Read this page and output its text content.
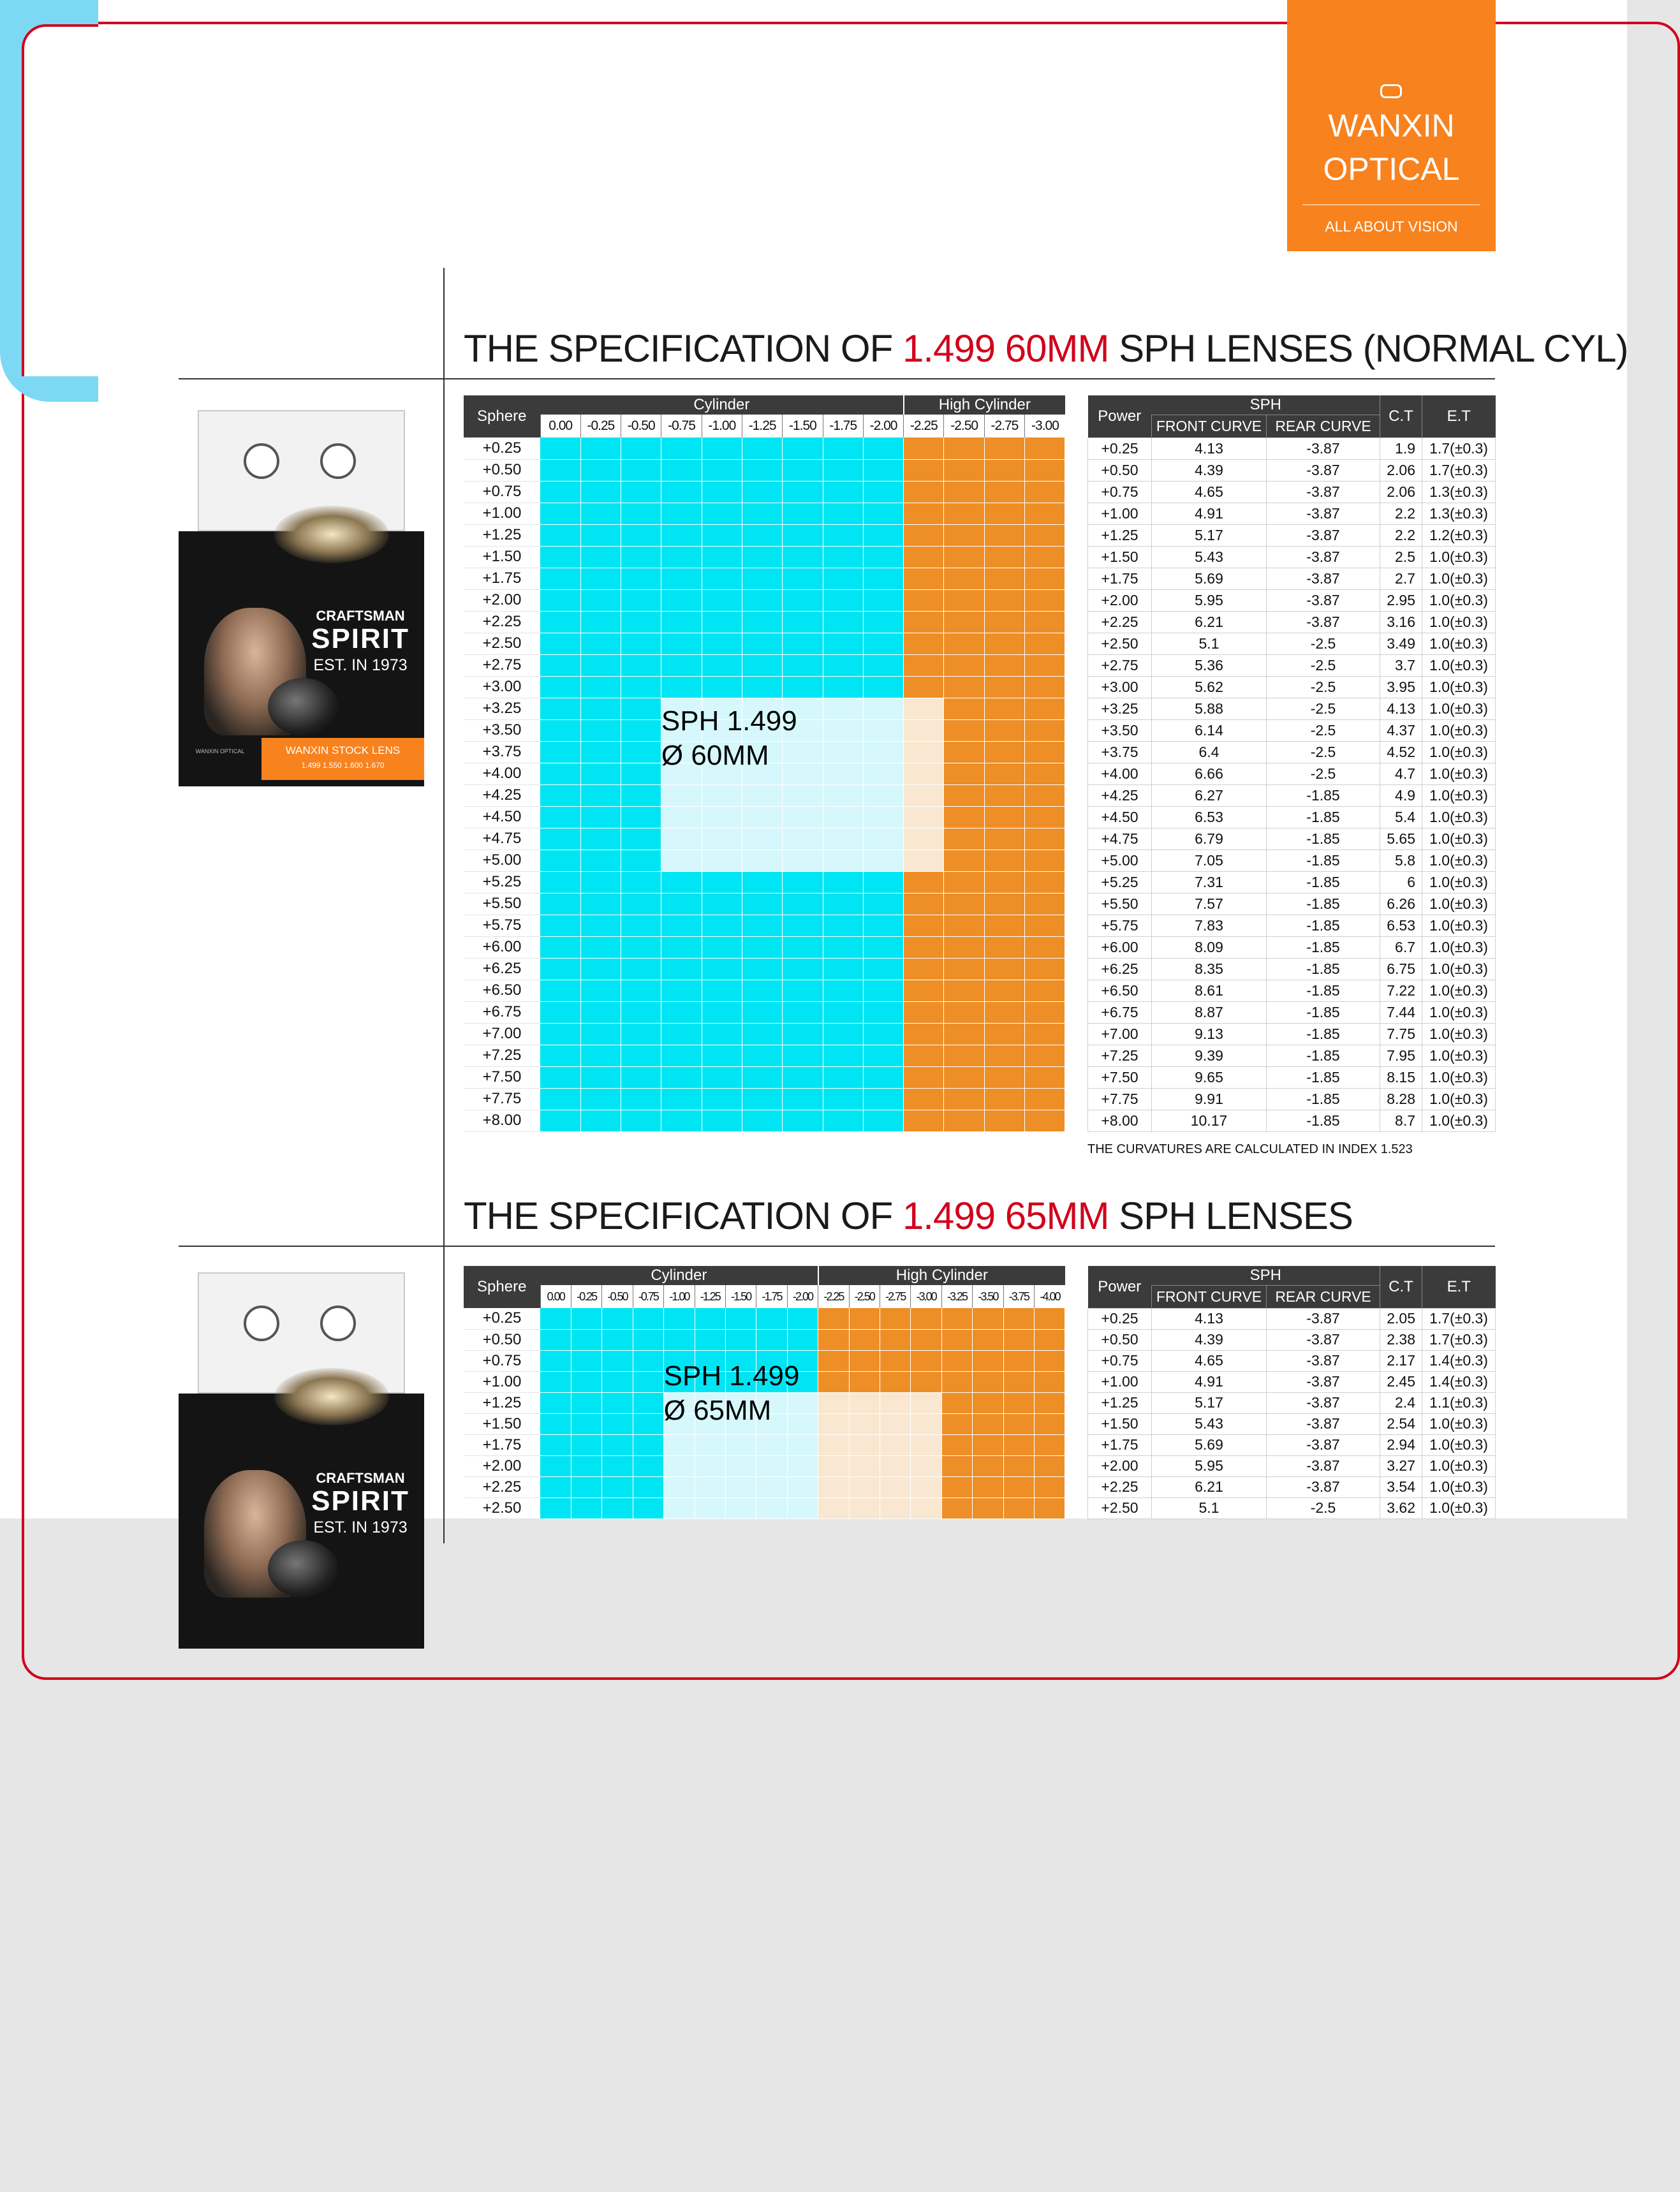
CLEAR
WANXIN
OPTICAL
ALL ABOUT VISION
THE SPECIFICATION OF 1.499 60MM SPH LENSES (NORMAL CYL)
CRAFTSMAN
SPIRIT
EST. IN 1973
WANXIN STOCK LENS
1.499 1.550 1.600 1.670
WANXIN OPTICAL
Sphere	Cylinder									High Cylinder			
	0.00	-0.25	-0.50	-0.75	-1.00	-1.25	-1.50	-1.75	-2.00	-2.25	-2.50	-2.75	-3.00
+0.25													
+0.50													
+0.75													
+1.00													
+1.25													
+1.50													
+1.75													
+2.00													
+2.25													
+2.50													
+2.75													
+3.00													
+3.25													
+3.50													
+3.75													
+4.00													
+4.25													
+4.50													
+4.75													
+5.00													
+5.25													
+5.50													
+5.75													
+6.00													
+6.25													
+6.50													
+6.75													
+7.00													
+7.25													
+7.50													
+7.75													
+8.00													
SPH 1.499
Ø 60MM
Power	SPH		C.T	E.T
	FRONT CURVE	REAR CURVE		
+0.25	4.13	-3.87	1.9	1.7(±0.3)
+0.50	4.39	-3.87	2.06	1.7(±0.3)
+0.75	4.65	-3.87	2.06	1.3(±0.3)
+1.00	4.91	-3.87	2.2	1.3(±0.3)
+1.25	5.17	-3.87	2.2	1.2(±0.3)
+1.50	5.43	-3.87	2.5	1.0(±0.3)
+1.75	5.69	-3.87	2.7	1.0(±0.3)
+2.00	5.95	-3.87	2.95	1.0(±0.3)
+2.25	6.21	-3.87	3.16	1.0(±0.3)
+2.50	5.1	-2.5	3.49	1.0(±0.3)
+2.75	5.36	-2.5	3.7	1.0(±0.3)
+3.00	5.62	-2.5	3.95	1.0(±0.3)
+3.25	5.88	-2.5	4.13	1.0(±0.3)
+3.50	6.14	-2.5	4.37	1.0(±0.3)
+3.75	6.4	-2.5	4.52	1.0(±0.3)
+4.00	6.66	-2.5	4.7	1.0(±0.3)
+4.25	6.27	-1.85	4.9	1.0(±0.3)
+4.50	6.53	-1.85	5.4	1.0(±0.3)
+4.75	6.79	-1.85	5.65	1.0(±0.3)
+5.00	7.05	-1.85	5.8	1.0(±0.3)
+5.25	7.31	-1.85	6	1.0(±0.3)
+5.50	7.57	-1.85	6.26	1.0(±0.3)
+5.75	7.83	-1.85	6.53	1.0(±0.3)
+6.00	8.09	-1.85	6.7	1.0(±0.3)
+6.25	8.35	-1.85	6.75	1.0(±0.3)
+6.50	8.61	-1.85	7.22	1.0(±0.3)
+6.75	8.87	-1.85	7.44	1.0(±0.3)
+7.00	9.13	-1.85	7.75	1.0(±0.3)
+7.25	9.39	-1.85	7.95	1.0(±0.3)
+7.50	9.65	-1.85	8.15	1.0(±0.3)
+7.75	9.91	-1.85	8.28	1.0(±0.3)
+8.00	10.17	-1.85	8.7	1.0(±0.3)
THE CURVATURES ARE CALCULATED IN INDEX 1.523
THE SPECIFICATION OF 1.499 65MM SPH LENSES
CRAFTSMAN
SPIRIT
EST. IN 1973
Sphere	Cylinder									High Cylinder							
	0.00	-0.25	-0.50	-0.75	-1.00	-1.25	-1.50	-1.75	-2.00	-2.25	-2.50	-2.75	-3.00	-3.25	-3.50	-3.75	-4.00
+0.25																	
+0.50																	
+0.75																	
+1.00																	
+1.25																	
+1.50																	
+1.75																	
+2.00																	
+2.25																	
+2.50																	
SPH 1.499
Ø 65MM
Power	SPH		C.T	E.T
	FRONT CURVE	REAR CURVE		
+0.25	4.13	-3.87	2.05	1.7(±0.3)
+0.50	4.39	-3.87	2.38	1.7(±0.3)
+0.75	4.65	-3.87	2.17	1.4(±0.3)
+1.00	4.91	-3.87	2.45	1.4(±0.3)
+1.25	5.17	-3.87	2.4	1.1(±0.3)
+1.50	5.43	-3.87	2.54	1.0(±0.3)
+1.75	5.69	-3.87	2.94	1.0(±0.3)
+2.00	5.95	-3.87	3.27	1.0(±0.3)
+2.25	6.21	-3.87	3.54	1.0(±0.3)
+2.50	5.1	-2.5	3.62	1.0(±0.3)
